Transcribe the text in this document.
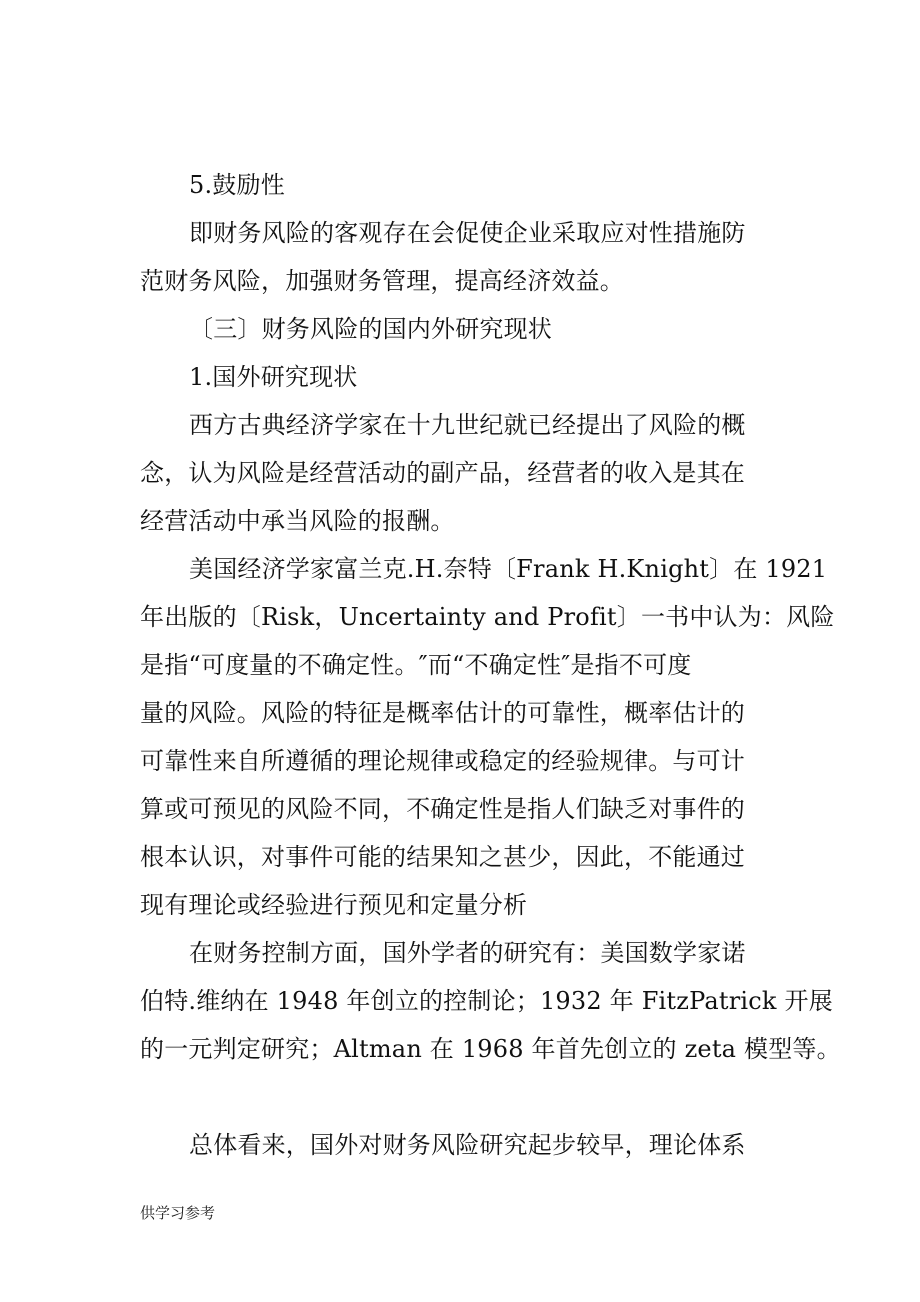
5.鼓励性
即财务风险的客观存在会促使企业采取应对性措施防
范财务风险，加强财务管理，提高经济效益。
〔三〕财务风险的国内外研究现状
1.国外研究现状
西方古典经济学家在十九世纪就已经提出了风险的概
念，认为风险是经营活动的副产品，经营者的收入是其在
经营活动中承当风险的报酬。
美国经济学家富兰克.H.奈特〔Frank H.Knight〕在 1921
年出版的〔Risk，Uncertainty and Profit〕一书中认为：风险
是指“可度量的不确定性。″而“不确定性″是指不可度
量的风险。风险的特征是概率估计的可靠性，概率估计的
可靠性来自所遵循的理论规律或稳定的经验规律。与可计
算或可预见的风险不同，不确定性是指人们缺乏对事件的
根本认识，对事件可能的结果知之甚少，因此，不能通过
现有理论或经验进行预见和定量分析
在财务控制方面，国外学者的研究有：美国数学家诺
伯特.维纳在 1948 年创立的控制论；1932 年 FitzPatrick 开展
的一元判定研究；Altman 在 1968 年首先创立的 zeta 模型等。
总体看来，国外对财务风险研究起步较早，理论体系
供学习参考
